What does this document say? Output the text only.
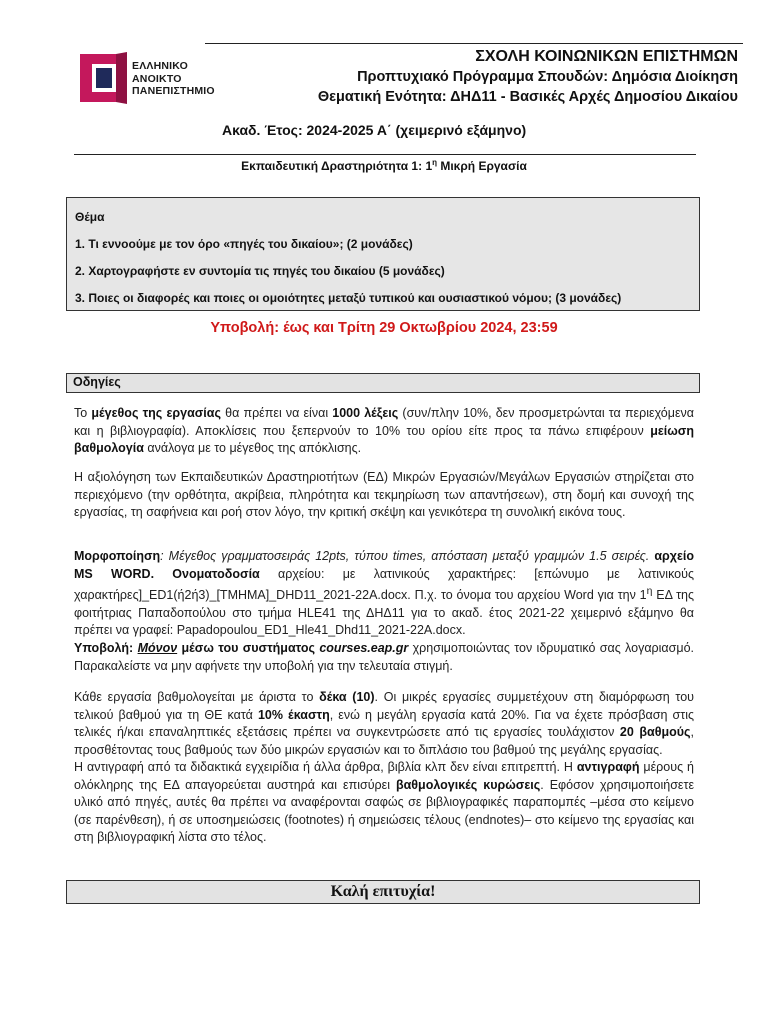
ΕΛΛΗΝΙΚΟ
ΑΝΟΙΚΤΟ
ΠΑΝΕΠΙΣΤΗΜΙΟ
ΣΧΟΛΗ ΚΟΙΝΩΝΙΚΩΝ ΕΠΙΣΤΗΜΩΝ
Προπτυχιακό Πρόγραμμα Σπουδών: Δημόσια Διοίκηση
Θεματική Ενότητα: ΔΗΔ11 - Βασικές Αρχές Δημοσίου Δικαίου
Ακαδ. Έτος: 2024-2025 Α΄ (χειμερινό εξάμηνο)
Εκπαιδευτική Δραστηριότητα 1: $1^\eta$ Μικρή Εργασία
Θέμα
1. Τι εννοούμε με τον όρο «πηγές του δικαίου»; (2 μονάδες)
2. Χαρτογραφήστε εν συντομία τις πηγές του δικαίου (5 μονάδες)
3. Ποιες οι διαφορές και ποιες οι ομοιότητες μεταξύ τυπικού και ουσιαστικού νόμου; (3 μονάδες)
Υποβολή: έως και Τρίτη 29 Οκτωβρίου 2024, 23:59
Οδηγίες
Το μέγεθος της εργασίας θα πρέπει να είναι 1000 λέξεις (συν/πλην 10%, δεν προσμετρώνται τα περιεχόμενα και η βιβλιογραφία). Αποκλίσεις που ξεπερνούν το 10% του ορίου είτε προς τα πάνω επιφέρουν μείωση βαθμολογία ανάλογα με το μέγεθος της απόκλισης.
Η αξιολόγηση των Εκπαιδευτικών Δραστηριοτήτων (ΕΔ) Μικρών Εργασιών/Μεγάλων Εργασιών στηρίζεται στο περιεχόμενο (την ορθότητα, ακρίβεια, πληρότητα και τεκμηρίωση των απαντήσεων), στη δομή και συνοχή της εργασίας, τη σαφήνεια και ροή στον λόγο, την κριτική σκέψη και γενικότερα τη συνολική εικόνα τους.
Μορφοποίηση: Μέγεθος γραμματοσειράς 12pts, τύπου times, απόσταση μεταξύ γραμμών 1.5 σειρές. αρχείο MS WORD. Ονοματοδοσία αρχείου: με λατινικούς χαρακτήρες: [επώνυμο με λατινικούς χαρακτήρες]_ED1(ή2ή3)_[TMHMA]_DHD11_2021-22A.docx. Π.χ. το όνομα του αρχείου Word για την $1^\eta$ ΕΔ της φοιτήτριας Παπαδοπούλου στο τμήμα HLE41 της ΔΗΔ11 για το ακαδ. έτος 2021-22 χειμερινό εξάμηνο θα πρέπει να γραφεί: Papadopoulou_ED1_Hle41_Dhd11_2021-22A.docx.
Υποβολή: Μόνον μέσω του συστήματος courses.eap.gr χρησιμοποιώντας τον ιδρυματικό σας λογαριασμό. Παρακαλείστε να μην αφήνετε την υποβολή για την τελευταία στιγμή.
Κάθε εργασία βαθμολογείται με άριστα το δέκα (10). Οι μικρές εργασίες συμμετέχουν στη διαμόρφωση του τελικού βαθμού για τη ΘΕ κατά 10% έκαστη, ενώ η μεγάλη εργασία κατά 20%. Για να έχετε πρόσβαση στις τελικές ή/και επαναληπτικές εξετάσεις πρέπει να συγκεντρώσετε από τις εργασίες τουλάχιστον 20 βαθμούς, προσθέτοντας τους βαθμούς των δύο μικρών εργασιών και το διπλάσιο του βαθμού της μεγάλης εργασίας.
Η αντιγραφή από τα διδακτικά εγχειρίδια ή άλλα άρθρα, βιβλία κλπ δεν είναι επιτρεπτή. Η αντιγραφή μέρους ή ολόκληρης της ΕΔ απαγορεύεται αυστηρά και επισύρει βαθμολογικές κυρώσεις. Εφόσον χρησιμοποιήσετε υλικό από πηγές, αυτές θα πρέπει να αναφέρονται σαφώς σε βιβλιογραφικές παραπομπές –μέσα στο κείμενο (σε παρένθεση), ή σε υποσημειώσεις (footnotes) ή σημειώσεις τέλους (endnotes)– στο κείμενο της εργασίας και στη βιβλιογραφική λίστα στο τέλος.
Καλή επιτυχία!
